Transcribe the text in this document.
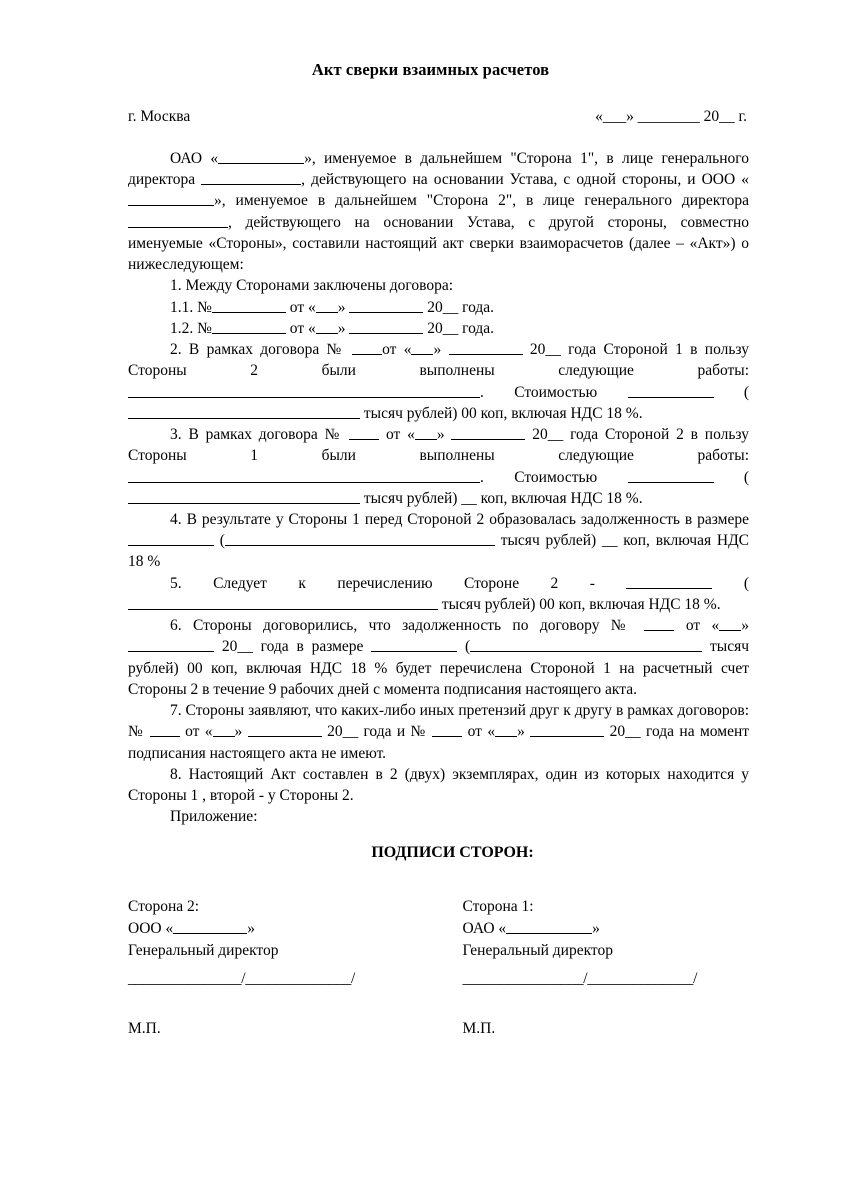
Акт сверки взаимных расчетов
г. Москва	«___» ________ 20__ г.

ОАО «	», именуемое в дальнейшем "Сторона 1", в лице генерального директора	, действующего на основании Устава, с одной стороны, и ООО «», именуемое в дальнейшем "Сторона 2", в лице генерального директора , действующего на основании Устава, с другой стороны, совместно именуемые «Стороны», составили настоящий акт сверки взаиморасчетов (далее – «Акт») о нижеследующем:

1. Между Сторонами заключены договора:

1.1. №	от « »	20__ года.

1.2. №	от « »	20__ года.

2. В рамках договора № от « »	20__ года Стороной 1 в пользу Стороны 2 были выполнены следующие работы: . Стоимостью	( тысяч рублей) 00 коп, включая НДС 18 %.

3. В рамках договора №  от « »	20__ года Стороной 2 в пользу Стороны 1 были выполнены следующие работы: . Стоимостью	( тысяч рублей) __ коп, включая НДС 18 %.

4. В результате у Стороны 1 перед Стороной 2 образовалась задолженность в размере  (	тысяч рублей) __ коп, включая НДС 18 %

5. Следует к перечислению Стороне 2 -	( тысяч рублей) 00 коп, включая НДС 18 %.

6. Стороны договорились, что задолженность по договору №  от « »  20__ года в размере	(	тысяч рублей) 00 коп, включая НДС 18 % будет перечислена Стороной 1 на расчетный счет Стороны 2 в течение 9 рабочих дней с момента подписания настоящего акта.

7. Стороны заявляют, что каких-либо иных претензий друг к другу в рамках договоров: №  от « »	20__ года и №  от « »	20__ года на момент подписания настоящего акта не имеют.

8. Настоящий Акт составлен в 2 (двух) экземплярах, один из которых находится у Стороны 1 , второй - у Стороны 2.

Приложение:

ПОДПИСИ СТОРОН:
Сторона 2:
ООО «	»
Генеральный директор
_______________/______________/
М.П.
Сторона 1:
ОАО «	»
Генеральный директор
________________/______________/
М.П.
